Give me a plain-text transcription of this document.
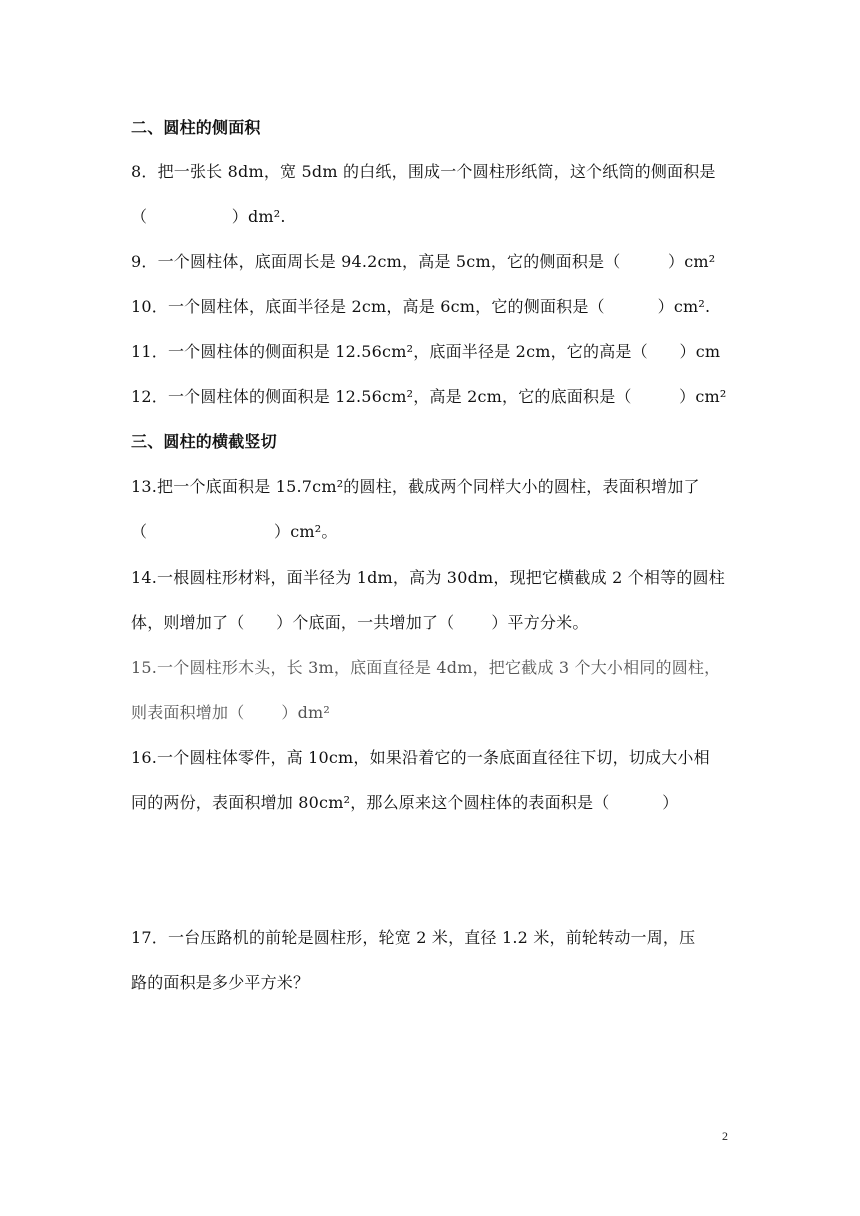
二、圆柱的侧面积
8．把一张长 8dm，宽 5dm 的白纸，围成一个圆柱形纸筒，这个纸筒的侧面积是
（                ）dm².
9．一个圆柱体，底面周长是 94.2cm，高是 5cm，它的侧面积是（         ）cm²
10．一个圆柱体，底面半径是 2cm，高是 6cm，它的侧面积是（          ）cm².
11．一个圆柱体的侧面积是 12.56cm²，底面半径是 2cm，它的高是（      ）cm
12．一个圆柱体的侧面积是 12.56cm²，高是 2cm，它的底面积是（         ）cm²
三、圆柱的横截竖切
13.把一个底面积是 15.7cm²的圆柱，截成两个同样大小的圆柱，表面积增加了
（                        ）cm²。
14.一根圆柱形材料，面半径为 1dm，高为 30dm，现把它横截成 2 个相等的圆柱
体，则增加了（      ）个底面，一共增加了（       ）平方分米。
15.一个圆柱形木头，长 3m，底面直径是 4dm，把它截成 3 个大小相同的圆柱，
则表面积增加（       ）dm²
16.一个圆柱体零件，高 10cm，如果沿着它的一条底面直径往下切，切成大小相
同的两份，表面积增加 80cm²，那么原来这个圆柱体的表面积是（          ）
17．一台压路机的前轮是圆柱形，轮宽 2 米，直径 1.2 米，前轮转动一周，压
路的面积是多少平方米？
2
